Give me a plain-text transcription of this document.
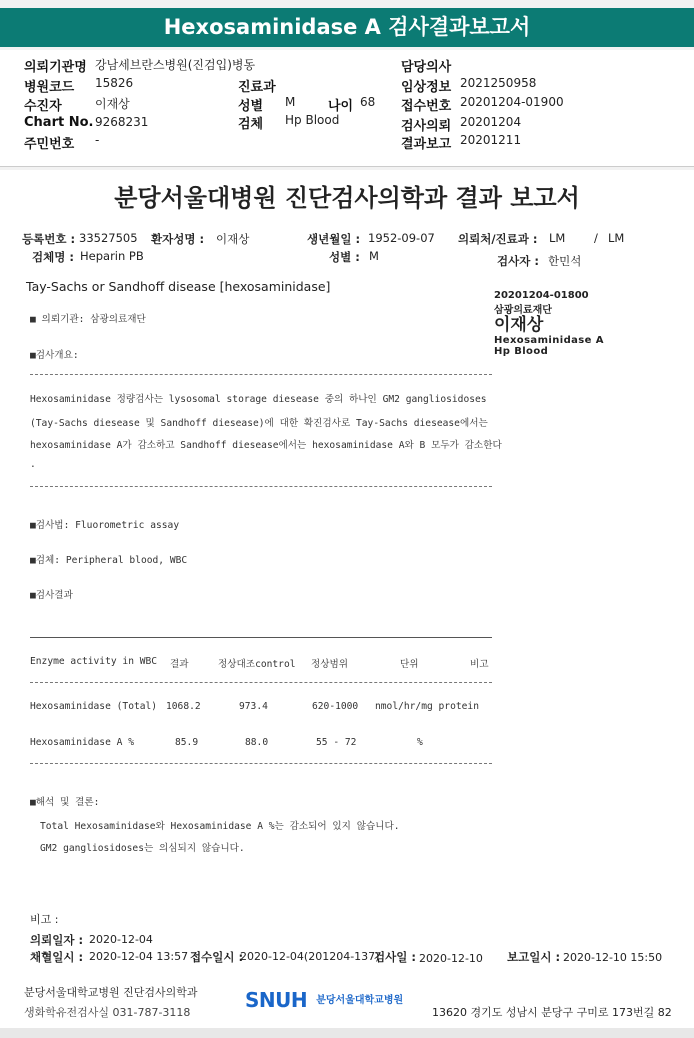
Hexosaminidase A 검사결과보고서
의뢰기관명 강남세브란스병원(진검입)병동	담당의사
병원코드 15826	진료과	임상정보 2021250958
수진자	이재상	성별 M	나이 68 접수번호 20201204-01900
Chart No. 9268231	검체 Hp Blood	검사의뢰 20201204
주민번호 -	결과보고 20201211
분당서울대병원 진단검사의학과 결과 보고서
등록번호 : 33527505 환자성명 : 이재상	생년월일 : 1952-09-07 의뢰처/진료과 : LM / LM
검체명 : Heparin PB	성별 : M	검사자 : 한민석
Tay-Sachs or Sandhoff disease [hexosaminidase]
20201204-01800
삼광의료재단
이재상
Hexosaminidase A
Hp Blood
■ 의뢰기관: 삼광의료재단
■검사개요:
Hexosaminidase 정량검사는 lysosomal storage diesease 중의 하나인 GM2 gangliosidoses
(Tay-Sachs diesease 및 Sandhoff diesease)에 대한 확진검사로 Tay-Sachs diesease에서는
hexosaminidase A가 감소하고 Sandhoff diesease에서는 hexosaminidase A와 B 모두가 감소한다
.
■검사법: Fluorometric assay
■검체: Peripheral blood, WBC
■검사결과
Enzyme activity in WBC 결과	정상대조control 정상범위	단위	비고
Hexosaminidase (Total) 1068.2	973.4	620-1000 nmol/hr/mg protein
Hexosaminidase A %	85.9	88.0	55 - 72	%
■해석 및 결론:
Total Hexosaminidase와 Hexosaminidase A %는 감소되어 있지 않습니다.
GM2 gangliosidoses는 의심되지 않습니다.
비고 :
의뢰일자 : 2020-12-04
채혈일시 : 2020-12-04 13:57 접수일시 :
2020-12-04(201204-137)
검사일 : 2020-12-10 보고일시 : 2020-12-10 15:50
분당서울대학교병원 진단검사의학과
생화학유전검사실 031-787-3118
SNUH $^{분당서울대학교병원}$
13620 경기도 성남시 분당구 구미로 173번길 82
